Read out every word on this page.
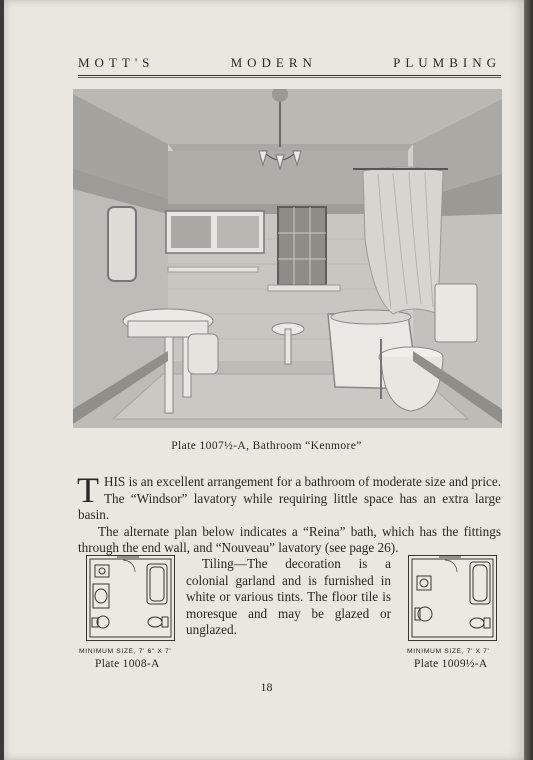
MOTT'S	MODERN	PLUMBING
Plate 1007½-A, Bathroom “Kenmore”

THIS is an excellent arrangement for a bathroom of moderate size and price. The “Windsor” lavatory while requiring little space has an extra large basin.

The alternate plan below indicates a “Reina” bath, which has the fittings through the end wall, and “Nouveau” lavatory (see page 26).

MINIMUM SIZE, 7' 6" X 7'
Plate 1008-A
Tiling—The decoration is a colonial garland and is furnished in white or various tints. The floor tile is moresque and may be glazed or unglazed.
MINIMUM SIZE, 7' X 7'
Plate 1009½-A
18
